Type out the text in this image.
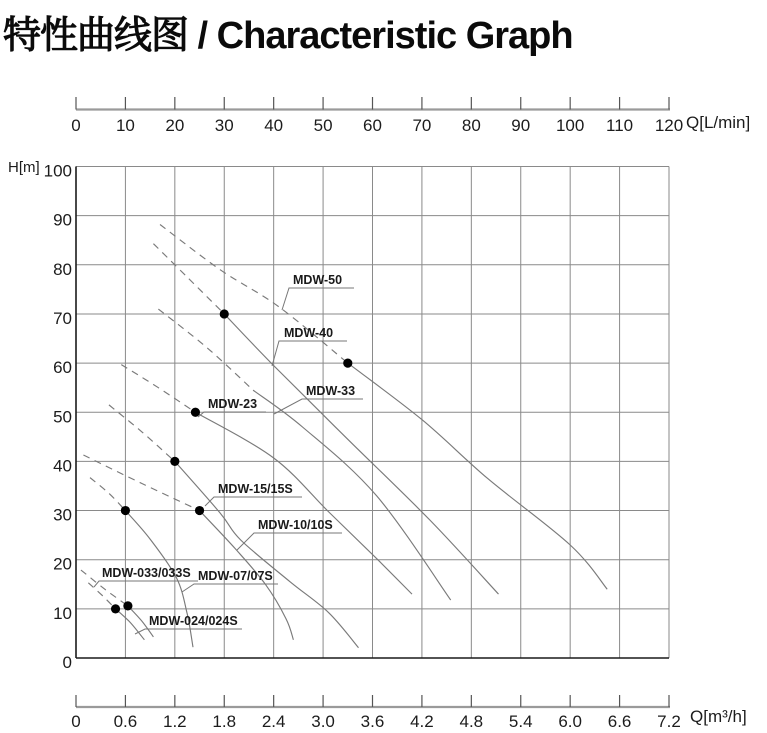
特性曲线图 / Characteristic Graph
0 10 20 30 40 50 60 70 80 90 100 110 120 Q[L/min]
0 0.6 1.2 1.8 2.4 3.0 3.6 4.2 4.8 5.4 6.0 6.6 7.2 Q[m³/h]
H[m] 100
90
80
70
60
50
40
30
20
10
0
MDW-50
MDW-40
MDW-33
MDW-23
MDW-15/15S
MDW-10/10S
MDW-07/07S
MDW-033/033S
MDW-024/024S
